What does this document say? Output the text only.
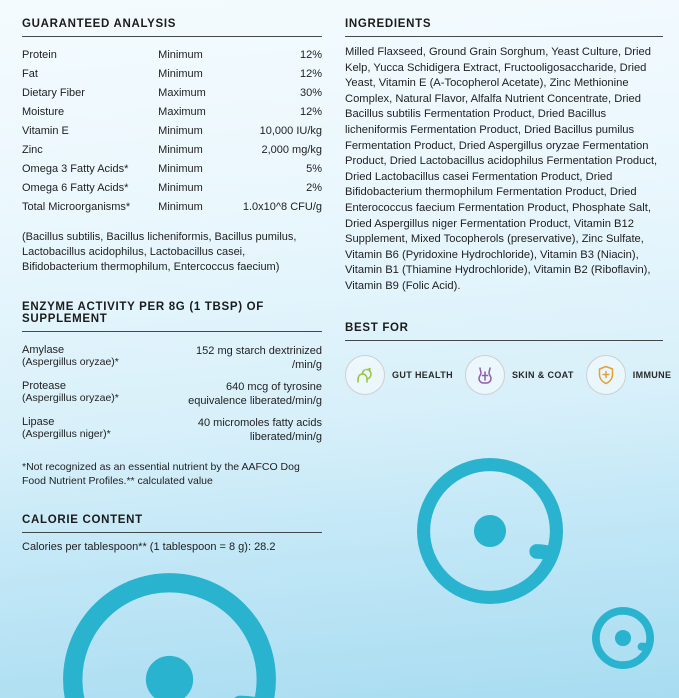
GUARANTEED ANALYSIS
Protein	Minimum	12%
Fat	Minimum	12%
Dietary Fiber	Maximum	30%
Moisture	Maximum	12%
Vitamin E	Minimum	10,000 IU/kg
Zinc	Minimum	2,000 mg/kg
Omega 3 Fatty Acids*	Minimum	5%
Omega 6 Fatty Acids*	Minimum	2%
Total Microorganisms*	Minimum	1.0x10^8 CFU/g
(Bacillus subtilis, Bacillus licheniformis, Bacillus pumilus, Lactobacillus acidophilus, Lactobacillus casei, Bifidobacterium thermophilum, Entercoccus faecium)
ENZYME ACTIVITY PER 8G (1 TBSP) OF SUPPLEMENT
Amylase
(Aspergillus oryzae)*	152 mg starch dextrinized /min/g
Protease
(Aspergillus oryzae)*	640 mcg of tyrosine equivalence liberated/min/g
Lipase
(Aspergillus niger)*	40 micromoles fatty acids liberated/min/g
*Not recognized as an essential nutrient by the AAFCO Dog Food Nutrient Profiles.** calculated value
CALORIE CONTENT
Calories per tablespoon** (1 tablespoon = 8 g): 28.2
INGREDIENTS
Milled Flaxseed, Ground Grain Sorghum, Yeast Culture, Dried Kelp, Yucca Schidigera Extract, Fructooligosaccharide, Dried Yeast, Vitamin E (A-Tocopherol Acetate), Zinc Methionine Complex, Natural Flavor, Alfalfa Nutrient Concentrate, Dried Bacillus subtilis Fermentation Product, Dried Bacillus licheniformis Fermentation Product, Dried Bacillus pumilus Fermentation Product, Dried Aspergillus oryzae Fermentation Product, Dried Lactobacillus acidophilus Fermentation Product, Dried Lactobacillus casei Fermentation Product, Dried Bifidobacterium thermophilum Fermentation Product, Dried Enterococcus faecium Fermentation Product, Phosphate Salt, Dried Aspergillus niger Fermentation Product, Vitamin B12 Supplement, Mixed Tocopherols (preservative), Zinc Sulfate, Vitamin B6 (Pyridoxine Hydrochloride), Vitamin B3 (Niacin), Vitamin B1 (Thiamine Hydrochloride), Vitamin B2 (Riboflavin), Vitamin B9 (Folic Acid).
BEST FOR
GUT HEALTH	SKIN & COAT	IMMUNE
